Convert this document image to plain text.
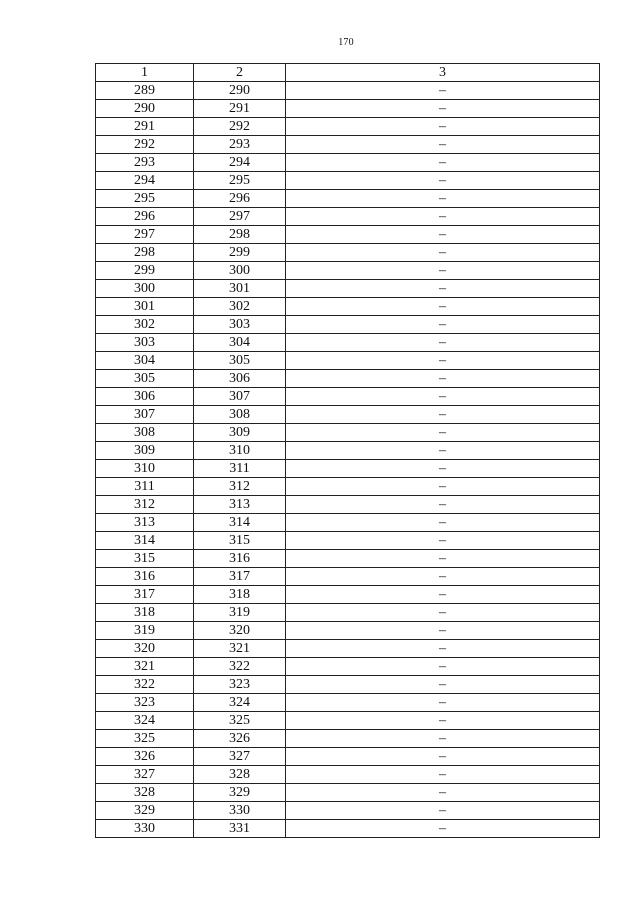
170
1	2	3
289	290	–
290	291	–
291	292	–
292	293	–
293	294	–
294	295	–
295	296	–
296	297	–
297	298	–
298	299	–
299	300	–
300	301	–
301	302	–
302	303	–
303	304	–
304	305	–
305	306	–
306	307	–
307	308	–
308	309	–
309	310	–
310	311	–
311	312	–
312	313	–
313	314	–
314	315	–
315	316	–
316	317	–
317	318	–
318	319	–
319	320	–
320	321	–
321	322	–
322	323	–
323	324	–
324	325	–
325	326	–
326	327	–
327	328	–
328	329	–
329	330	–
330	331	–
